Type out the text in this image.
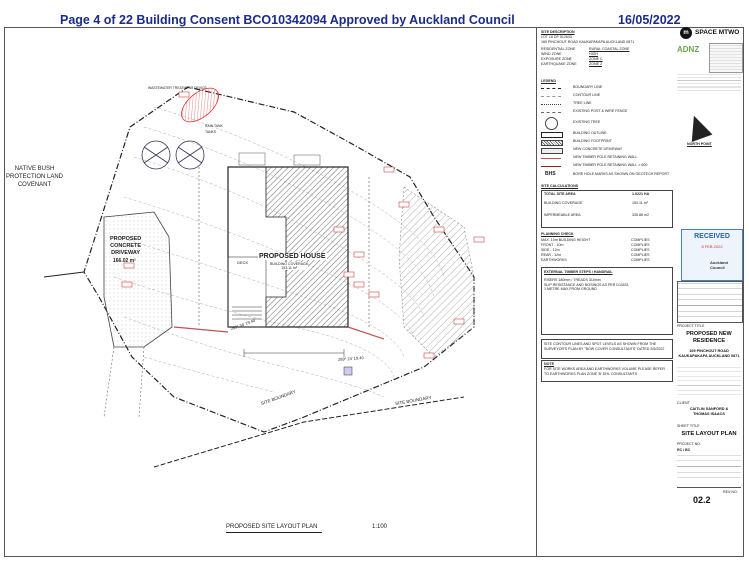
Page 4 of 22 Building Consent BCO10342094 Approved by Auckland Council	16/05/2022
NATIVE BUSH
PROTECTION LAND
COVENANT
PROPOSED
CONCRETE
DRIVEWAY
166.02 m²
PROPOSED HOUSE
BUILDING COVERAGE
153.11 m²
DECK
WASTEWATER TREATMENT DEVICE
RAIN TANK
TANKS
289° 34' 19.40
289° 24' 19.40
SITE BOUNDARY	SITE BOUNDARY
PROPOSED SITE LAYOUT PLAN	1:100
SITE DESCRIPTION
LOT 18 DP 512633
169 PINCHOUT ROAD KAUKAPAKAPA AUCKLAND 0871
RESIDENTIAL ZONE	RURAL COASTAL ZONE
WIND ZONE	HIGH
EXPOSURE ZONE	ZONE C
EARTHQUAKE ZONE	ZONE 2
m SPACE MTWO
ADNZ
NORTH POINT
LEGEND
BOUNDARY LINE
CONTOUR LINE
TREE LINE
EXISTING POST & WIRE FENCE
EXISTING TREE
BUILDING OUTLINE
BUILDING FOOTPRINT
NEW CONCRETE DRIVEWAY
NEW TIMBER POLE RETAINING WALL
NEW TIMBER POLE RETAINING WALL > 600
BHS	BORE HOLE MARKS AS SHOWN ON GEOTECH REPORT
SITE CALCULATIONS
TOTAL SITE AREA	1.0221 HA
BUILDING COVERAGE	153.11 m²
IMPERMEABLE AREA	335.88 m2
RECEIVED
8 FEB 2022
Auckland Council
PLANNING CHECK
MAX. 10m BUILDING HEIGHT	COMPLIES
FRONT - 10m	COMPLIES
SIDE - 12m	COMPLIES
REAR - 12m	COMPLIES
EARTHWORKS	COMPLIES
EXTERNAL TIMBER STEPS / HANDRAIL
RISERS 180mm / TREADS 310mm
SLIP RESISTANCE AND NOSINGS AS PER D1/AS1
1 METRE MAX FROM GROUND
SITE CONTOUR LINES AND SPOT LEVELS AS SHOWN FROM THE SURVEYOR'S PLAN BY "BOW COVER CONSULTANTS" DATED 2/5/2022
NOTE
FOR SITE WORKS AREA AND EARTHWORKS VOLUME PLEASE REFER TO EARTHWORKS PLAN ZONE 'B' DHL CONSULTANTS
PROJECT TITLE
PROPOSED NEW
RESIDENCE
169 PINCHOUT ROAD
KAUKAPAKAPA AUCKLAND 0871
CLIENT
CAITLIN SANFORD &
THOMAS ISAACS
SHEET TITLE
SITE LAYOUT PLAN
PROJECT NO.
RC / BC
REV NO.
02.2
